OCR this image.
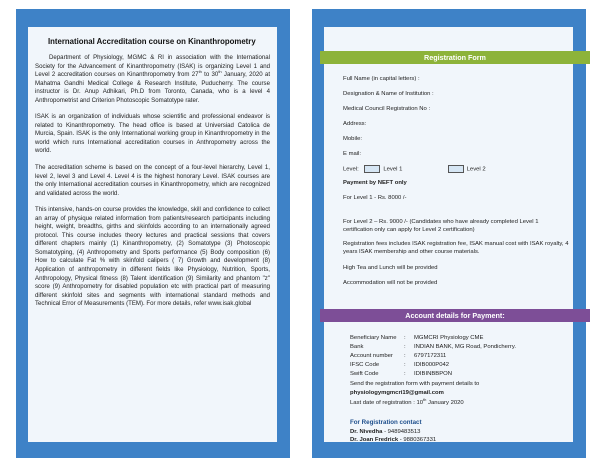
International Accreditation course on Kinanthropometry

Department of Physiology, MGMC & RI in association with the International Society for the Advancement of Kinanthropometry (ISAK) is organizing Level 1 and Level 2 accreditation courses on Kinanthropometry from 27th to 30th January, 2020 at Mahatma Gandhi Medical College & Research Institute, Puducherry. The course instructor is Dr. Anup Adhikari, Ph.D from Toronto, Canada, who is a level 4 Anthropometrist and Criterion Photoscopic Somatotype rater.

ISAK is an organization of individuals whose scientific and professional endeavor is related to Kinanthropometry. The head office is based at Universiad Catolica de Murcia, Spain. ISAK is the only International working group in Kinanthropometry in the world which runs International accreditation courses in Anthropometry across the world.

The accreditation scheme is based on the concept of a four-level hierarchy, Level 1, level 2, level 3 and Level 4. Level 4 is the highest honorary Level. ISAK courses are the only International accreditation courses in Kinanthropometry, which are recognized and validated across the world.

This intensive, hands-on course provides the knowledge, skill and confidence to collect an array of physique related information from patients/research participants including height, weight, breadths, girths and skinfolds according to an internationally agreed protocol. This course includes theory lectures and practical sessions that covers different chapters mainly (1) Kinanthropometry, (2) Somatotype (3) Photoscopic Somatotyping, (4) Anthropometry and Sports performance (5) Body composition (6) How to calculate Fat % with skinfold calipers ( 7) Growth and development (8) Application of anthropometry in different fields like Physiology, Nutrition, Sports, Anthropology, Physical fitness (8) Talent identification (9) Similarity and phantom "z" score (9) Anthropometry for disabled population etc with practical part of measuring different skinfold sites and segments with international standard methods and Technical Error of Measurements (TEM). For more details, refer www.isak.global

Registration Form
Full Name (in capital letters) :
Designation & Name of Institution :
Medical Council Registration No :
Address:
Mobile:
E mail:
Level:	Level 1	Level 2
Payment by NEFT only
For Level 1 - Rs. 8000 /-
For Level 2 – Rs. 9000 /- (Candidates who have already completed Level 1 certification only can apply for Level 2 certification)
Registration fees includes ISAK registration fee, ISAK manual cost with ISAK royalty, 4 years ISAK membership and other course materials.
High Tea and Lunch will be provided
Accommodation will not be provided
Account details for Payment:
Beneficiary Name : MGMCRI Physiology CME
Bank	: INDIAN BANK, MG Road, Pondicherry.
Account number : 6797172311
IFSC Code	: IDIB000P042
Swift Code	: IDIBINBBPON
Send the registration form with payment details to
physiologymgmcri19@gmail.com
Last date of registration : 10th January 2020
For Registration contact
Dr. Nivedha - 9489483513
Dr. Joan Fredrick - 9880367331
